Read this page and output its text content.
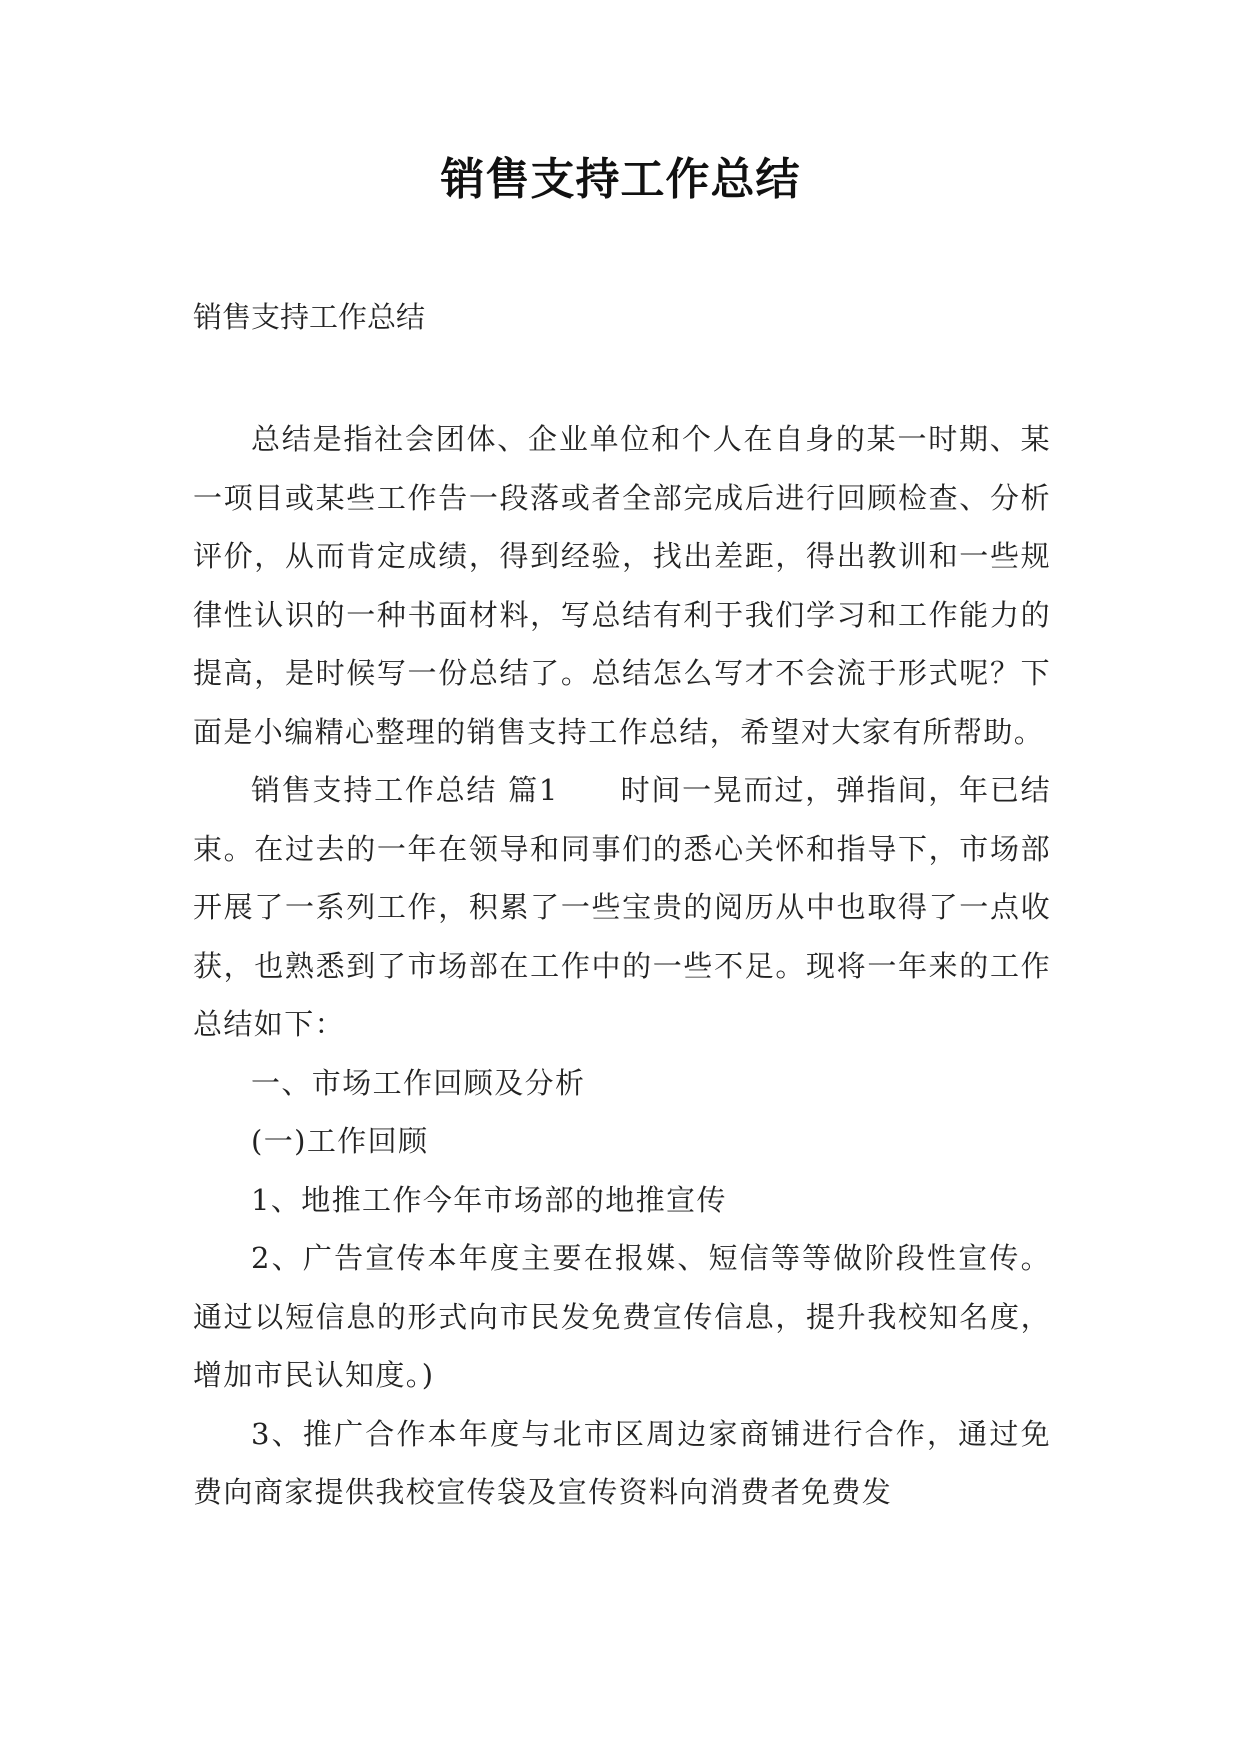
销售支持工作总结

销售支持工作总结

总结是指社会团体、企业单位和个人在自身的某一时期、某一项目或某些工作告一段落或者全部完成后进行回顾检查、分析评价，从而肯定成绩，得到经验，找出差距，得出教训和一些规律性认识的一种书面材料，写总结有利于我们学习和工作能力的提高，是时候写一份总结了。总结怎么写才不会流于形式呢？下面是小编精心整理的销售支持工作总结，希望对大家有所帮助。

销售支持工作总结 篇1　　时间一晃而过，弹指间，年已结束。在过去的一年在领导和同事们的悉心关怀和指导下，市场部开展了一系列工作，积累了一些宝贵的阅历从中也取得了一点收获，也熟悉到了市场部在工作中的一些不足。现将一年来的工作总结如下：

一、市场工作回顾及分析

(一)工作回顾

1、地推工作今年市场部的地推宣传

2、广告宣传本年度主要在报媒、短信等等做阶段性宣传。通过以短信息的形式向市民发免费宣传信息，提升我校知名度，增加市民认知度。)

3、推广合作本年度与北市区周边家商铺进行合作，通过免费向商家提供我校宣传袋及宣传资料向消费者免费发
